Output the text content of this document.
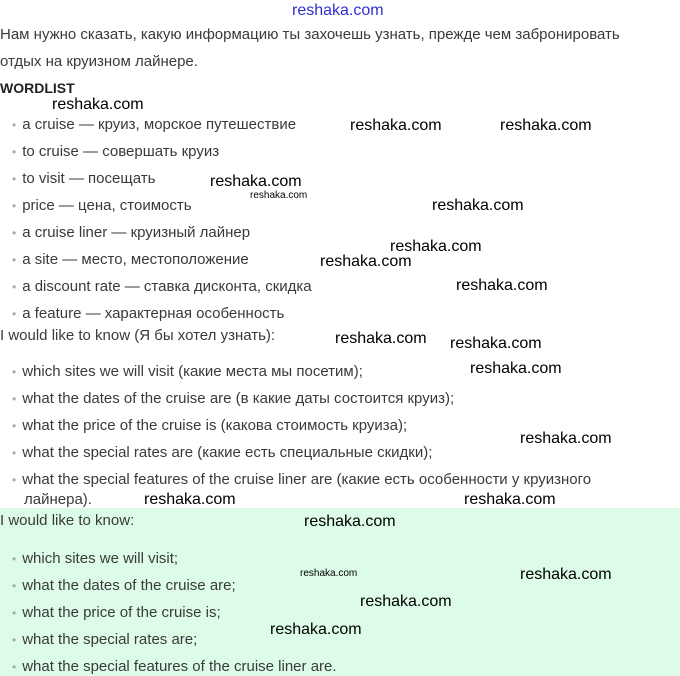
reshaka.com
Нам нужно сказать, какую информацию ты захочешь узнать, прежде чем забронировать
отдых на круизном лайнере.
WORDLIST
I would like to know (Я бы хотел узнать):
I would like to know:
лайнера).
• a cruise — круиз, морское путешествие
• to cruise — совершать круиз
• to visit — посещать
• price — цена, стоимость
• a cruise liner — круизный лайнер
• a site — место, местоположение
• a discount rate — ставка дисконта, скидка
• a feature — характерная особенность
• which sites we will visit (какие места мы посетим);
• what the dates of the cruise are (в какие даты состоится круиз);
• what the price of the cruise is (какова стоимость круиза);
• what the special rates are (какие есть специальные скидки);
• what the special features of the cruise liner are (какие есть особенности у круизного
• which sites we will visit;
• what the dates of the cruise are;
• what the price of the cruise is;
• what the special rates are;
• what the special features of the cruise liner are.
reshaka.com
reshaka.com	reshaka.com
reshaka.com
reshaka.com
reshaka.com
reshaka.com
reshaka.com
reshaka.com
reshaka.com reshaka.com
reshaka.com
reshaka.com
reshaka.com	reshaka.com
reshaka.com
reshaka.com	reshaka.com
reshaka.com
reshaka.com
